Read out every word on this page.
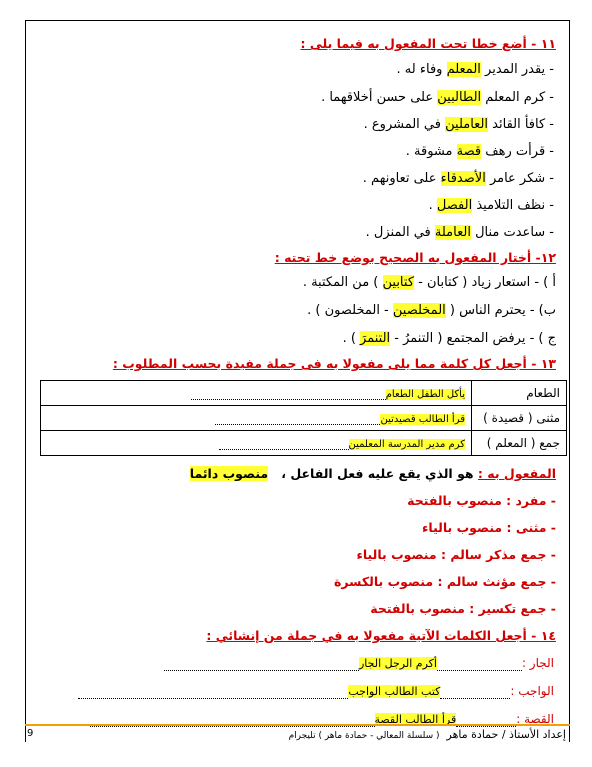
١١ - أضع خطا تحت المفعول به فيما يلى :
- يقدر المدير المعلم وفاء له .
- كرم المعلم الطالبين على حسن أخلاقهما .
- كافأ القائد العاملين في المشروع .
- قرأت رهف قصة مشوقة .
- شكر عامر الأصدقاء على تعاونهم .
- نظف التلاميذ الفصل .
- ساعدت منال العاملة في المنزل .
١٢- أختار المفعول به الصحيح بوضع خط تحته :
أ ) - استعار زياد ( كتابان - كتابين ) من المكتبة .
ب) - يحترم الناس ( المخلصين - المخلصون ) .
ج ) - يرفض المجتمع ( التنمرُ - التنمرَ ) .
١٣ - أجعل كل كلمة مما يلى مفعولا به فى جملة مفيدة بحسب المطلوب :
الطعام	يأكل الطفل الطعام
مثنى ( قصيدة )	قرأ الطالب قصيدتين
جمع ( المعلم )	كرم مدير المدرسة المعلمين
المفعول به : هو الذي يقع عليه فعل الفاعل ،   منصوب دائما
- مفرد : منصوب بالفتحة
- مثنى : منصوب بالياء
- جمع مذكر سالم : منصوب بالياء
- جمع مؤنث سالم : منصوب بالكسرة
- جمع تكسير : منصوب بالفتحة
١٤ - أجعل الكلمات الآتية مفعولا به في جملة من إنشائي :
الجار :أكرم الرجل الجار
الواجب :كتب الطالب الواجب
القصة :قرأ الطالب القصة
9	إعداد الأستاذ / حمادة ماهر  ( سلسلة المعالي - حمادة ماهر ) تليجرام
